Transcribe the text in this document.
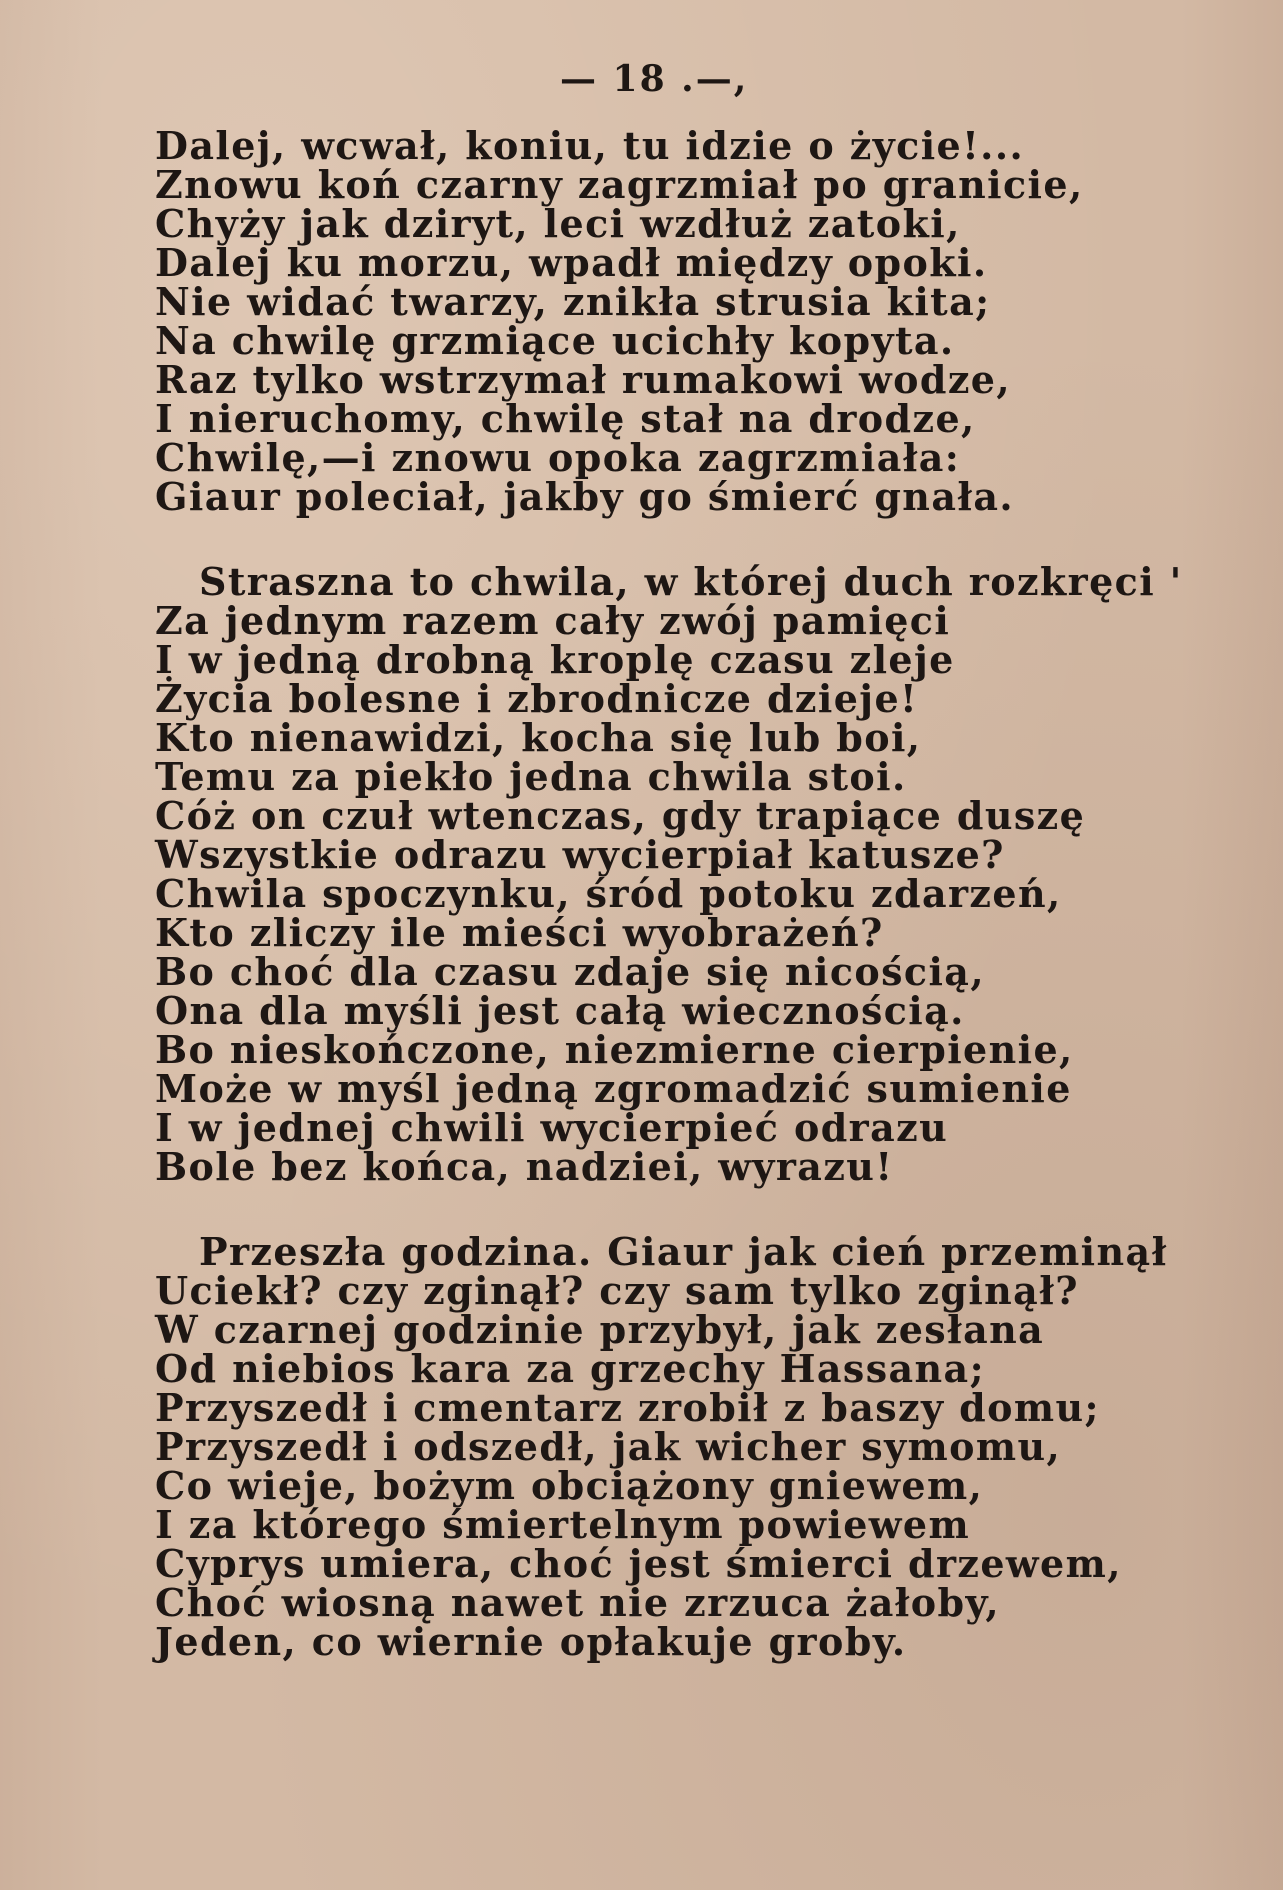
— 18 .—,
Dalej, wcwał, koniu, tu idzie o życie!...
Znowu koń czarny zagrzmiał po granicie,
Chyży jak dziryt, leci wzdłuż zatoki,
Dalej ku morzu, wpadł między opoki.
Nie widać twarzy, znikła strusia kita;
Na chwilę grzmiące ucichły kopyta.
Raz tylko wstrzymał rumakowi wodze,
I nieruchomy, chwilę stał na drodze,
Chwilę,—i znowu opoka zagrzmiała:
Giaur poleciał, jakby go śmierć gnała.
Straszna to chwila, w której duch rozkręci '
Za jednym razem cały zwój pamięci
I w jedną drobną kroplę czasu zleje
Życia bolesne i zbrodnicze dzieje!
Kto nienawidzi, kocha się lub boi,
Temu za piekło jedna chwila stoi.
Cóż on czuł wtenczas, gdy trapiące duszę
Wszystkie odrazu wycierpiał katusze?
Chwila spoczynku, śród potoku zdarzeń,
Kto zliczy ile mieści wyobrażeń?
Bo choć dla czasu zdaje się nicością,
Ona dla myśli jest całą wiecznością.
Bo nieskończone, niezmierne cierpienie,
Może w myśl jedną zgromadzić sumienie
I w jednej chwili wycierpieć odrazu
Bole bez końca, nadziei, wyrazu!
Przeszła godzina. Giaur jak cień przeminął
Uciekł? czy zginął? czy sam tylko zginął?
W czarnej godzinie przybył, jak zesłana
Od niebios kara za grzechy Hassana;
Przyszedł i cmentarz zrobił z baszy domu;
Przyszedł i odszedł, jak wicher symomu,
Co wieje, bożym obciążony gniewem,
I za którego śmiertelnym powiewem
Cyprys umiera, choć jest śmierci drzewem,
Choć wiosną nawet nie zrzuca żałoby,
Jeden, co wiernie opłakuje groby.
